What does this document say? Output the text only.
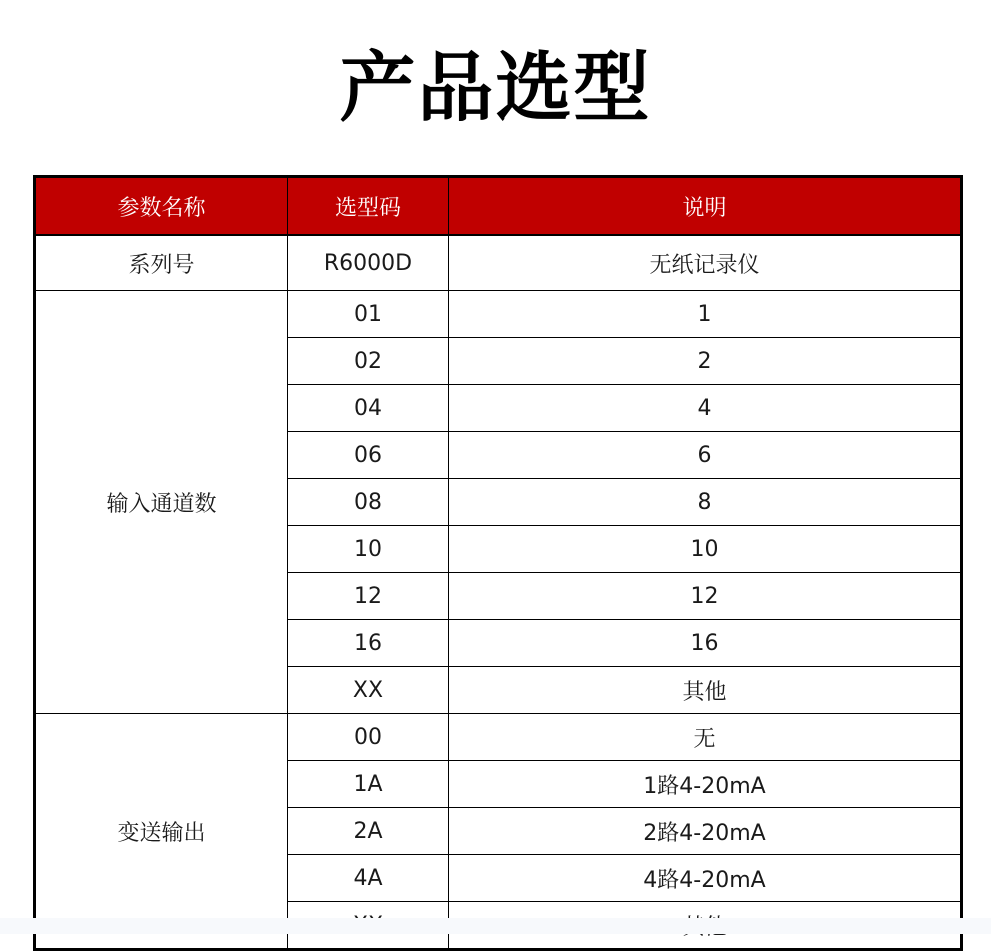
产品选型
参数名称	选型码	说明
系列号	R6000D	无纸记录仪
输入通道数	01	1
	02	2
	04	4
	06	6
	08	8
	10	10
	12	12
	16	16
	XX	其他
变送输出	00	无
	1A	1路4-20mA
	2A	2路4-20mA
	4A	4路4-20mA
